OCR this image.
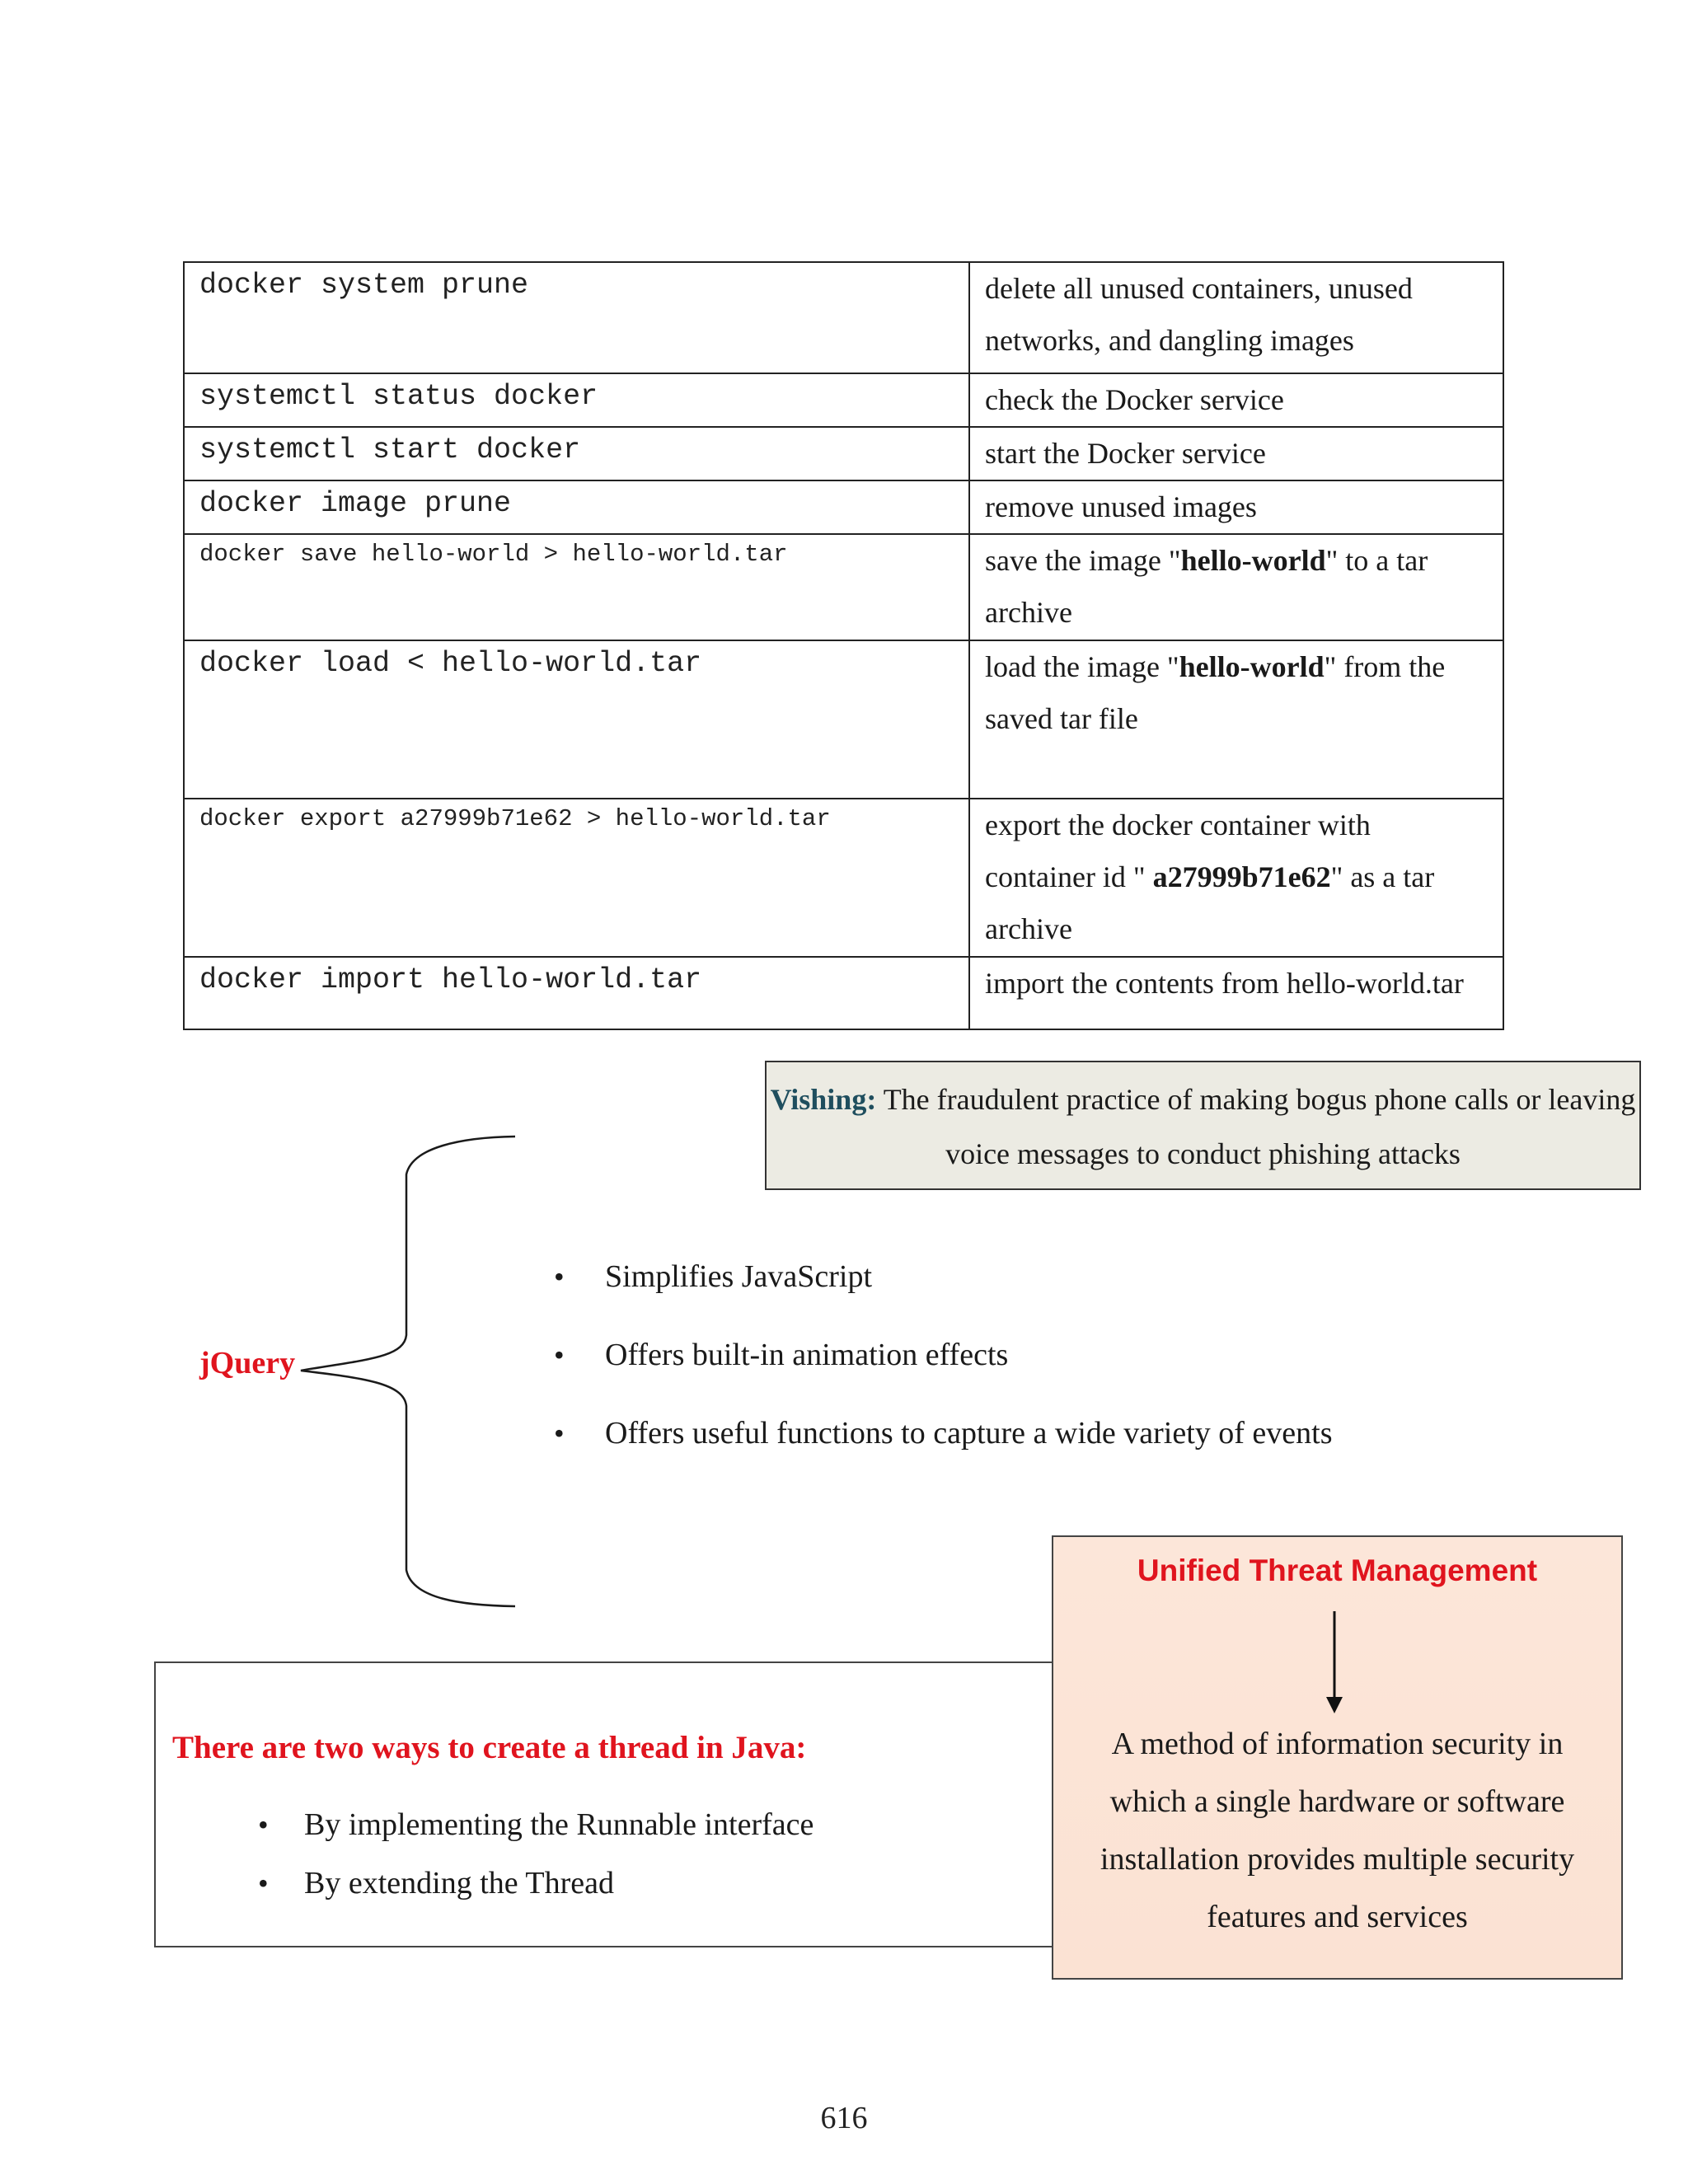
docker system prune	delete all unused containers, unused networks, and dangling images
systemctl status docker	check the Docker service
systemctl start docker	start the Docker service
docker image prune	remove unused images
docker save hello-world > hello-world.tar	save the image "hello-world" to a tar archive
docker load < hello-world.tar	load the image "hello-world" from the saved tar file
docker export a27999b71e62 > hello-world.tar	export the docker container with container id " a27999b71e62" as a tar archive
docker import hello-world.tar	import the contents from hello-world.tar
Vishing: The fraudulent practice of making bogus phone calls or leaving voice messages to conduct phishing attacks
jQuery
• Simplifies JavaScript
• Offers built-in animation effects
• Offers useful functions to capture a wide variety of events
There are two ways to create a thread in Java:
• By implementing the Runnable interface
• By extending the Thread
Unified Threat Management
A method of information security in which a single hardware or software installation provides multiple security features and services
616
